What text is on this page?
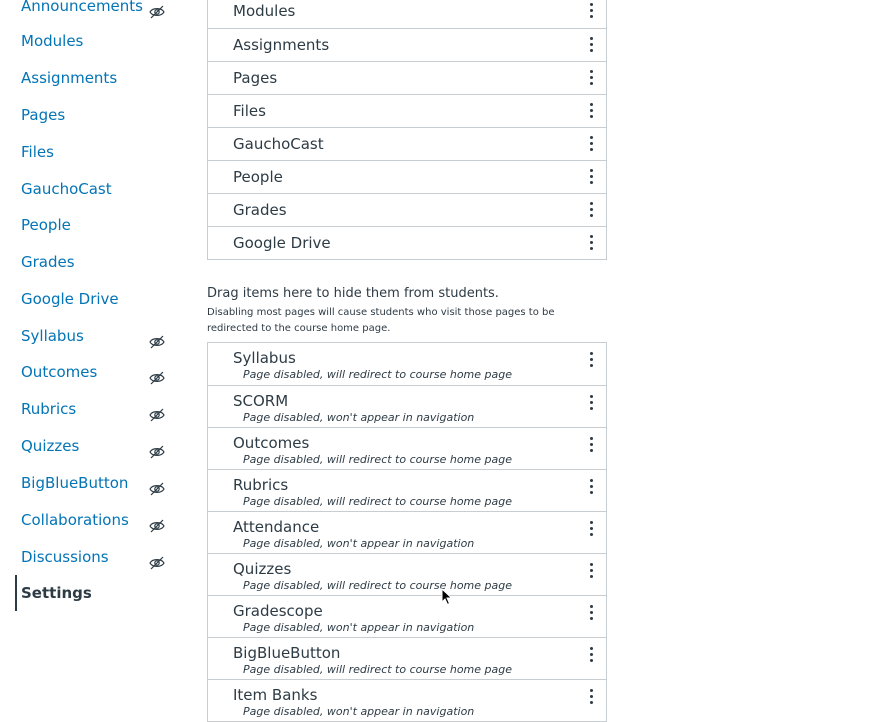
Announcements
Modules
Assignments
Pages
Files
GauchoCast
People
Grades
Google Drive
Syllabus
Outcomes
Rubrics
Quizzes
BigBlueButton
Collaborations
Discussions
Settings
Modules
Assignments
Pages
Files
GauchoCast
People
Grades
Google Drive
Drag items here to hide them from students.
Disabling most pages will cause students who visit those pages to be redirected to the course home page.
Syllabus
Page disabled, will redirect to course home page
SCORM
Page disabled, won't appear in navigation
Outcomes
Page disabled, will redirect to course home page
Rubrics
Page disabled, will redirect to course home page
Attendance
Page disabled, won't appear in navigation
Quizzes
Page disabled, will redirect to course home page
Gradescope
Page disabled, won't appear in navigation
BigBlueButton
Page disabled, will redirect to course home page
Item Banks
Page disabled, won't appear in navigation
